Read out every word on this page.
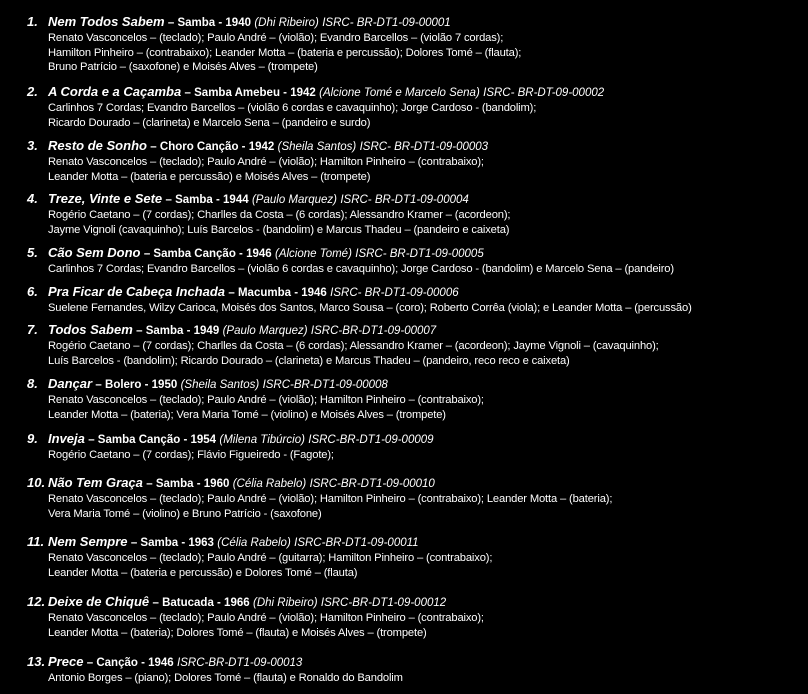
1. Nem Todos Sabem – Samba - 1940 (Dhi Ribeiro) ISRC- BR-DT1-09-00001
Renato Vasconcelos – (teclado); Paulo André – (violão); Evandro Barcellos – (violão 7 cordas);
Hamilton Pinheiro – (contrabaixo); Leander Motta – (bateria e percussão); Dolores Tomé – (flauta);
Bruno Patrício – (saxofone) e Moisés Alves – (trompete)
2. A Corda e a Caçamba – Samba Amebeu - 1942 (Alcione Tomé e Marcelo Sena) ISRC- BR-DT-09-00002
Carlinhos 7 Cordas; Evandro Barcellos – (violão 6 cordas e cavaquinho); Jorge Cardoso - (bandolim);
Ricardo Dourado – (clarineta) e Marcelo Sena – (pandeiro e surdo)
3. Resto de Sonho – Choro Canção - 1942 (Sheila Santos) ISRC- BR-DT1-09-00003
Renato Vasconcelos – (teclado); Paulo André – (violão); Hamilton Pinheiro – (contrabaixo);
Leander Motta – (bateria e percussão) e Moisés Alves – (trompete)
4. Treze, Vinte e Sete – Samba - 1944 (Paulo Marquez) ISRC- BR-DT1-09-00004
Rogério Caetano – (7 cordas); Charlles da Costa – (6 cordas); Alessandro Kramer – (acordeon);
Jayme Vignoli (cavaquinho); Luís Barcelos - (bandolim) e Marcus Thadeu – (pandeiro e caixeta)
5. Cão Sem Dono – Samba Canção - 1946 (Alcione Tomé) ISRC- BR-DT1-09-00005
Carlinhos 7 Cordas; Evandro Barcellos – (violão 6 cordas e cavaquinho); Jorge Cardoso - (bandolim) e Marcelo Sena – (pandeiro)
6. Pra Ficar de Cabeça Inchada – Macumba - 1946 ISRC- BR-DT1-09-00006
Suelene Fernandes, Wilzy Carioca, Moisés dos Santos, Marco Sousa – (coro); Roberto Corrêa (viola); e Leander Motta – (percussão)
7. Todos Sabem – Samba - 1949 (Paulo Marquez) ISRC-BR-DT1-09-00007
Rogério Caetano – (7 cordas); Charlles da Costa – (6 cordas); Alessandro Kramer – (acordeon); Jayme Vignoli – (cavaquinho);
Luís Barcelos - (bandolim); Ricardo Dourado – (clarineta) e Marcus Thadeu – (pandeiro, reco reco e caixeta)
8. Dançar – Bolero - 1950 (Sheila Santos) ISRC-BR-DT1-09-00008
Renato Vasconcelos – (teclado); Paulo André – (violão); Hamilton Pinheiro – (contrabaixo);
Leander Motta – (bateria); Vera Maria Tomé – (violino) e Moisés Alves – (trompete)
9. Inveja – Samba Canção - 1954 (Milena Tibúrcio) ISRC-BR-DT1-09-00009
Rogério Caetano – (7 cordas); Flávio Figueiredo - (Fagote);
10. Não Tem Graça – Samba - 1960 (Célia Rabelo) ISRC-BR-DT1-09-00010
Renato Vasconcelos – (teclado); Paulo André – (violão); Hamilton Pinheiro – (contrabaixo); Leander Motta – (bateria);
Vera Maria Tomé – (violino) e Bruno Patrício - (saxofone)
11. Nem Sempre – Samba - 1963 (Célia Rabelo) ISRC-BR-DT1-09-00011
Renato Vasconcelos – (teclado); Paulo André – (guitarra); Hamilton Pinheiro – (contrabaixo);
Leander Motta – (bateria e percussão) e Dolores Tomé – (flauta)
12. Deixe de Chiquê – Batucada - 1966 (Dhi Ribeiro) ISRC-BR-DT1-09-00012
Renato Vasconcelos – (teclado); Paulo André – (violão); Hamilton Pinheiro – (contrabaixo);
Leander Motta – (bateria); Dolores Tomé – (flauta) e Moisés Alves – (trompete)
13. Prece – Canção - 1946 ISRC-BR-DT1-09-00013
Antonio Borges – (piano); Dolores Tomé – (flauta) e Ronaldo do Bandolim
